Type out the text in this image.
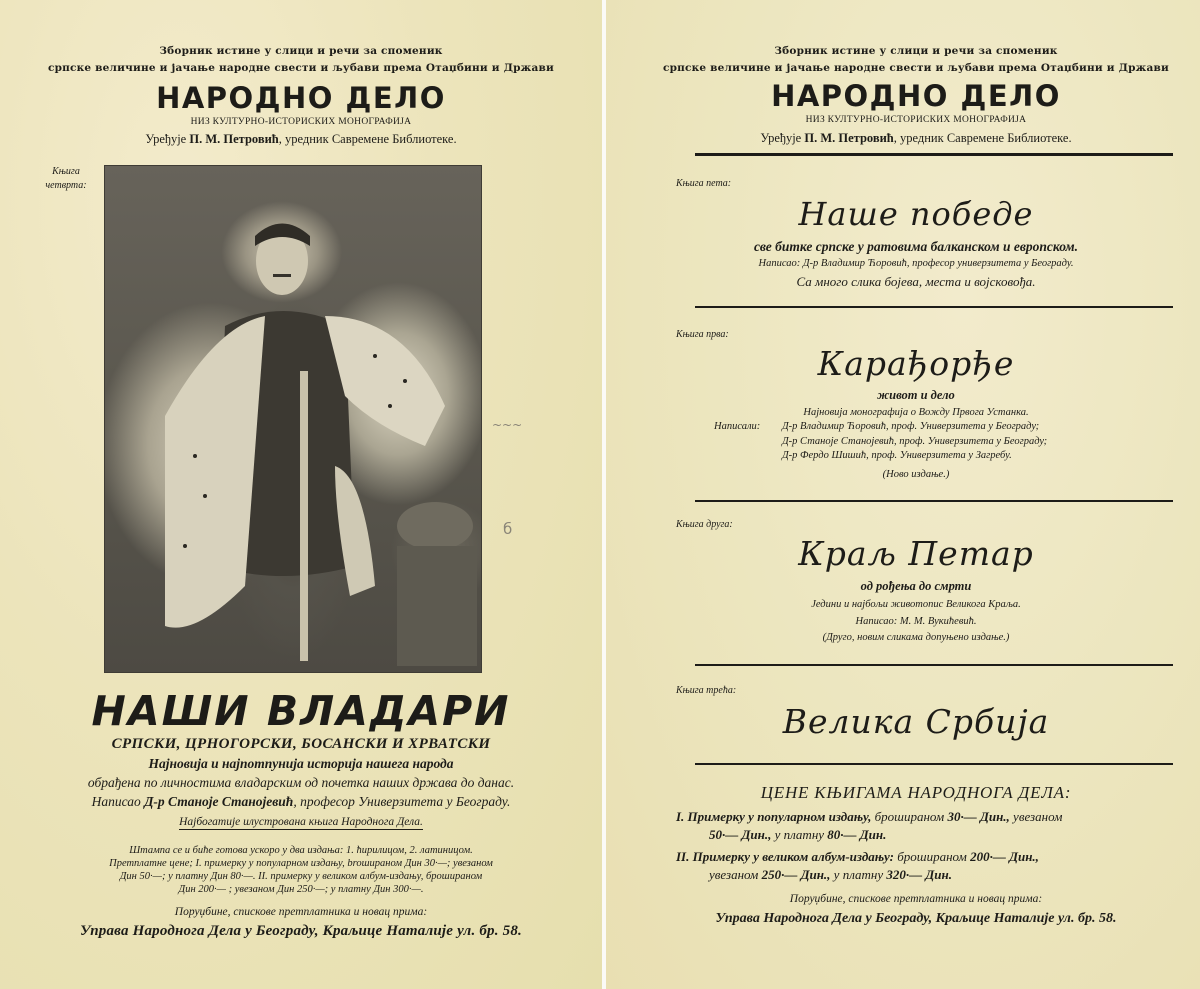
Зборник истине у слици и речи за споменик
српске величине и јачање народне свести и љубави према Отаџбини и Држави
НАРОДНО ДЕЛО
НИЗ КУЛТУРНО-ИСТОРИСКИХ МОНОГРАФИЈА
Уређује П. М. Петровић, уредник Савремене Библиотеке.
Књига
четврта:
~~~
б
НАШИ ВЛАДАРИ
СРПСКИ, ЦРНОГОРСКИ, БОСАНСКИ И ХРВАТСКИ
Најновија и најпотпунија историја нашега народа
обрађена по личностима владарским од почетка наших држава до данас.
Написао Д-р Станоје Станојевић, професор Универзитета у Београду.
Најбогатије илустрована књига Народнога Дела.
Штампа се и биће готова ускоро у два издања: 1. ћирилицом, 2. латиницом.
Претплатне цене; I. примерку у популарном издању, broшираном Дин 30·—; увезаном
Дин 50·—; у платну Дин 80·—. II. примерку у великом албум-издању, брошираном
Дин 200·— ; увезаном Дин 250·—; у платну Дин 300·—.
Поруџбине, спискове претплатника и новац прима:
Управа Народнога Дела у Београду, Краљице Наталије ул. бр. 58.
Зборник истине у слици и речи за споменик
српске величине и јачање народне свести и љубави према Отаџбини и Држави
НАРОДНО ДЕЛО
НИЗ КУЛТУРНО-ИСТОРИСКИХ МОНОГРАФИЈА
Уређује П. М. Петровић, уредник Савремене Библиотеке.
Књига пета:
Наше победе
све битке српске у ратовима балканском и европском.
Написао: Д-р Владимир Ћоровић, професор универзитета у Београду.
Са много слика бојева, места и војсковођа.
Књига прва:
Карађорђе
живот и дело
Најновија монографија о Вожду Првога Устанка.
Написали: Д-р Владимир Ћоровић, проф. Универзитета у Београду;
Д-р Станоје Станојевић, проф. Универзитета у Београду;
Д-р Фердо Шишић, проф. Универзитета у Загребу.
(Ново издање.)
Књига друга:
Краљ Петар
од рођења до смрти
Једини и најбољи животопис Великога Краља.
Написао: М. М. Вукићевић.
(Друго, новим сликама допуњено издање.)
Књига трећа:
Велика Србија
ЦЕНЕ КЊИГАМА НАРОДНОГА ДЕЛА:
I. Примерку у популарном издању, брошираном 30·— Дин., увезаном
50·— Дин., у платну 80·— Дин.
II. Примерку у великом албум-издању: брошираном 200·— Дин.,
увезаном 250·— Дин., у платну 320·— Дин.
Поруџбине, спискове претплатника и новац прима:
Управа Народнога Дела у Београду, Краљице Наталије ул. бр. 58.
